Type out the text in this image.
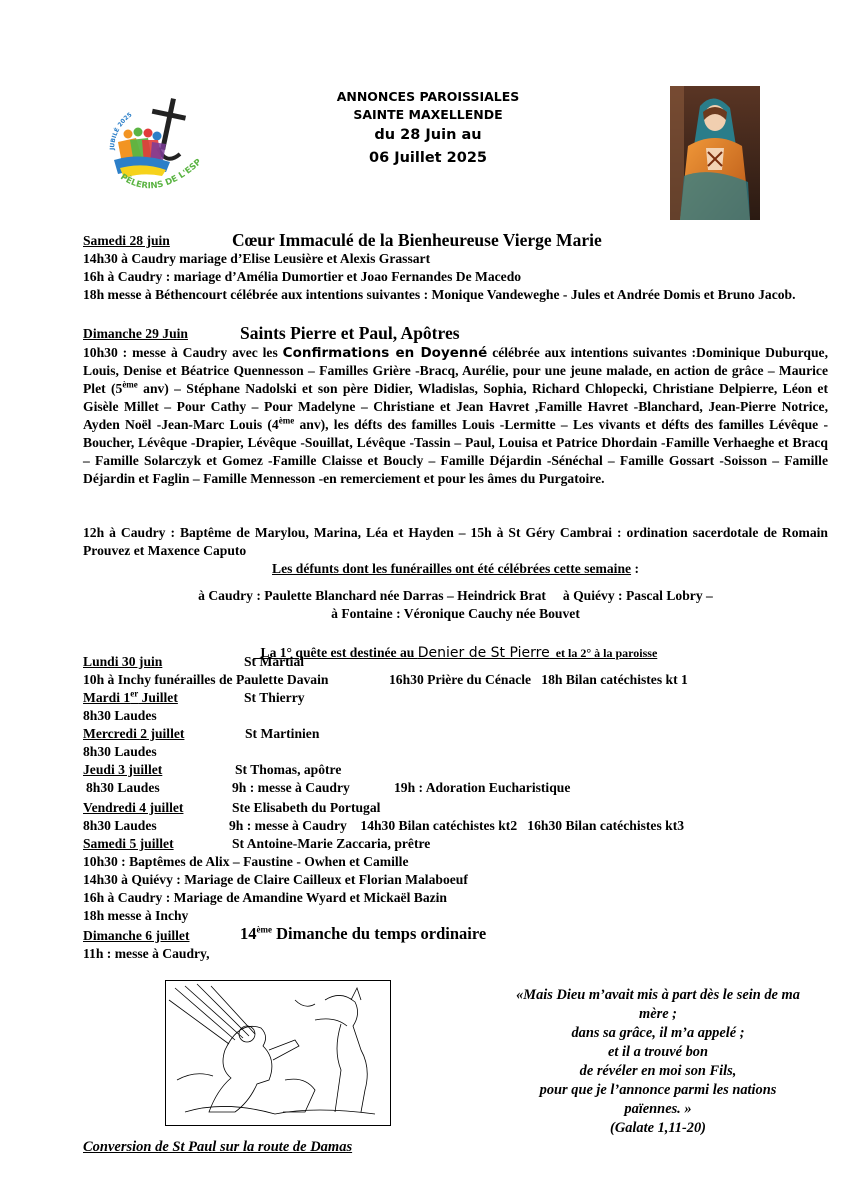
JUBILÉ 2025
PÈLERINS DE L'ESP
ANNONCES PAROISSIALES
SAINTE MAXELLENDE
du 28 Juin au
06 Juillet 2025
Samedi 28 juin	Cœur Immaculé de la Bienheureuse Vierge Marie
14h30 à Caudry mariage d’Elise Leusière et Alexis Grassart
16h à Caudry : mariage d’Amélia Dumortier et Joao Fernandes De Macedo
18h messe à Béthencourt célébrée aux intentions suivantes : Monique Vandeweghe - Jules et Andrée Domis et Bruno Jacob.
Dimanche 29 Juin	Saints Pierre et Paul, Apôtres
10h30 : messe à Caudry avec les Confirmations en Doyenné célébrée aux intentions suivantes :Dominique Duburque, Louis, Denise et Béatrice Quennesson – Familles Grière -Bracq, Aurélie, pour une jeune malade, en action de grâce – Maurice Plet (5ème anv) – Stéphane Nadolski et son père Didier, Wladislas, Sophia, Richard Chlopecki, Christiane Delpierre, Léon et Gisèle Millet – Pour Cathy – Pour Madelyne – Christiane et Jean Havret ,Famille Havret -Blanchard, Jean-Pierre Notrice, Ayden Noël -Jean-Marc Louis (4ème anv), les défts des familles Louis -Lermitte – Les vivants et défts des familles Lévêque -Boucher, Lévêque -Drapier, Lévêque -Souillat, Lévêque -Tassin – Paul, Louisa et Patrice Dhordain -Famille Verhaeghe et Bracq – Famille Solarczyk et Gomez -Famille Claisse et Boucly – Famille Déjardin -Sénéchal – Famille Gossart -Soisson – Famille Déjardin et Faglin – Famille Mennesson -en remerciement et pour les âmes du Purgatoire.
12h à Caudry : Baptême de Marylou, Marina, Léa et Hayden – 15h à St Géry Cambrai : ordination sacerdotale de Romain Prouvez et Maxence Caputo
Les défunts dont les funérailles ont été célébrées cette semaine :
à Caudry : Paulette Blanchard née Darras – Heindrick Brat     à Quiévy : Pascal Lobry –
à Fontaine : Véronique Cauchy née Bouvet

La 1° quête est destinée au Denier de St Pierre  et la 2° à la paroisse

Lundi 30 juin	St Martial
10h à Inchy funérailles de Paulette Davain	16h30 Prière du Cénacle   18h Bilan catéchistes kt 1
Mardi 1er Juillet	St Thierry
8h30 Laudes
Mercredi 2 juillet	St Martinien
8h30 Laudes
Jeudi 3 juillet	St Thomas, apôtre
8h30 Laudes	9h : messe à Caudry	19h : Adoration Eucharistique
Vendredi 4 juillet	Ste Elisabeth du Portugal
8h30 Laudes	9h : messe à Caudry    14h30 Bilan catéchistes kt2   16h30 Bilan catéchistes kt3
Samedi 5 juillet	St Antoine-Marie Zaccaria, prêtre
10h30 : Baptêmes de Alix – Faustine - Owhen et Camille
14h30 à Quiévy : Mariage de Claire Cailleux et Florian Malaboeuf
16h à Caudry : Mariage de Amandine Wyard et Mickaël Bazin
18h messe à Inchy
Dimanche 6 juillet	14ème Dimanche du temps ordinaire
11h : messe à Caudry,
Conversion de St Paul sur la route de Damas
«Mais Dieu m’avait mis à part dès le sein de ma
mère ;
dans sa grâce, il m’a appelé ;
et il a trouvé bon
de révéler en moi son Fils,
pour que je l’annonce parmi les nations
païennes. »
(Galate 1,11-20)
